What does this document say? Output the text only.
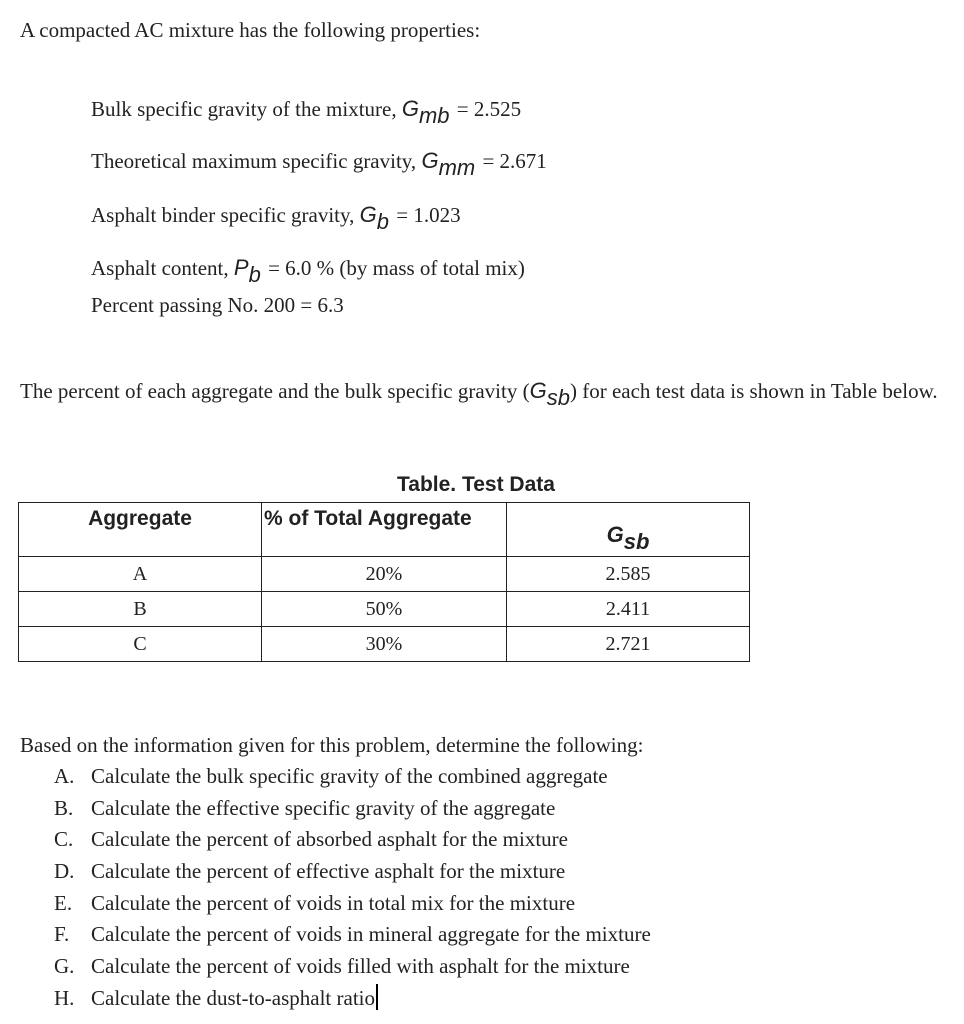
A compacted AC mixture has the following properties:
Bulk specific gravity of the mixture, $G_{mb} = 2.525$
Theoretical maximum specific gravity, $G_{mm} = 2.671$
Asphalt binder specific gravity, $G_b = 1.023$
Asphalt content, $P_b = 6.0$ % (by mass of total mix)
Percent passing No. 200 = 6.3
The percent of each aggregate and the bulk specific gravity $(G_{sb})$ for each test data is shown in Table below.
Table. Test Data
Aggregate	% of Total Aggregate	$G_{sb}$
A	20%	2.585
B	50%	2.411
C	30%	2.721
Based on the information given for this problem, determine the following:
A. Calculate the bulk specific gravity of the combined aggregate
B. Calculate the effective specific gravity of the aggregate
C. Calculate the percent of absorbed asphalt for the mixture
D. Calculate the percent of effective asphalt for the mixture
E. Calculate the percent of voids in total mix for the mixture
F. Calculate the percent of voids in mineral aggregate for the mixture
G. Calculate the percent of voids filled with asphalt for the mixture
H. Calculate the dust-to-asphalt ratio
